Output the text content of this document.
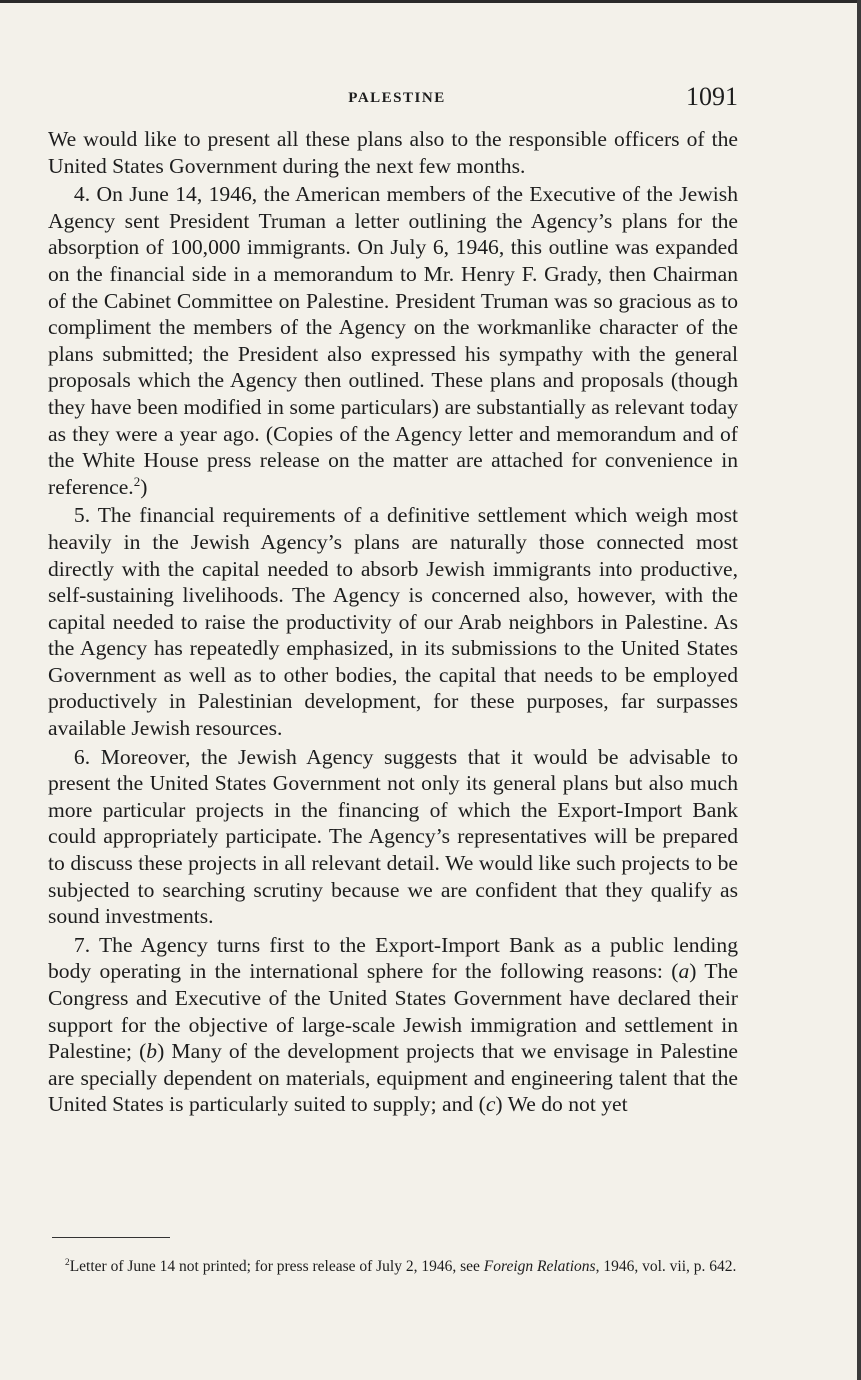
PALESTINE	1091

We would like to present all these plans also to the responsible officers of the United States Government during the next few months.

4. On June 14, 1946, the American members of the Executive of the Jewish Agency sent President Truman a letter outlining the Agency’s plans for the absorption of 100,000 immigrants. On July 6, 1946, this outline was expanded on the financial side in a memorandum to Mr. Henry F. Grady, then Chairman of the Cabinet Committee on Palestine. President Truman was so gracious as to compliment the members of the Agency on the workmanlike character of the plans submitted; the President also expressed his sympathy with the general proposals which the Agency then outlined. These plans and proposals (though they have been modified in some particulars) are substantially as relevant today as they were a year ago. (Copies of the Agency letter and memorandum and of the White House press release on the matter are attached for convenience in reference.$^2$)

5. The financial requirements of a definitive settlement which weigh most heavily in the Jewish Agency’s plans are naturally those connected most directly with the capital needed to absorb Jewish immigrants into productive, self-sustaining livelihoods. The Agency is concerned also, however, with the capital needed to raise the productivity of our Arab neighbors in Palestine. As the Agency has repeatedly emphasized, in its submissions to the United States Government as well as to other bodies, the capital that needs to be employed productively in Palestinian development, for these purposes, far surpasses available Jewish resources.

6. Moreover, the Jewish Agency suggests that it would be advisable to present the United States Government not only its general plans but also much more particular projects in the financing of which the Export-Import Bank could appropriately participate. The Agency’s representatives will be prepared to discuss these projects in all relevant detail. We would like such projects to be subjected to searching scrutiny because we are confident that they qualify as sound investments.

7. The Agency turns first to the Export-Import Bank as a public lending body operating in the international sphere for the following reasons: (a) The Congress and Executive of the United States Government have declared their support for the objective of large-scale Jewish immigration and settlement in Palestine; (b) Many of the development projects that we envisage in Palestine are specially dependent on materials, equipment and engineering talent that the United States is particularly suited to supply; and (c) We do not yet

$^2$Letter of June 14 not printed; for press release of July 2, 1946, see Foreign Relations, 1946, vol. vii, p. 642.
